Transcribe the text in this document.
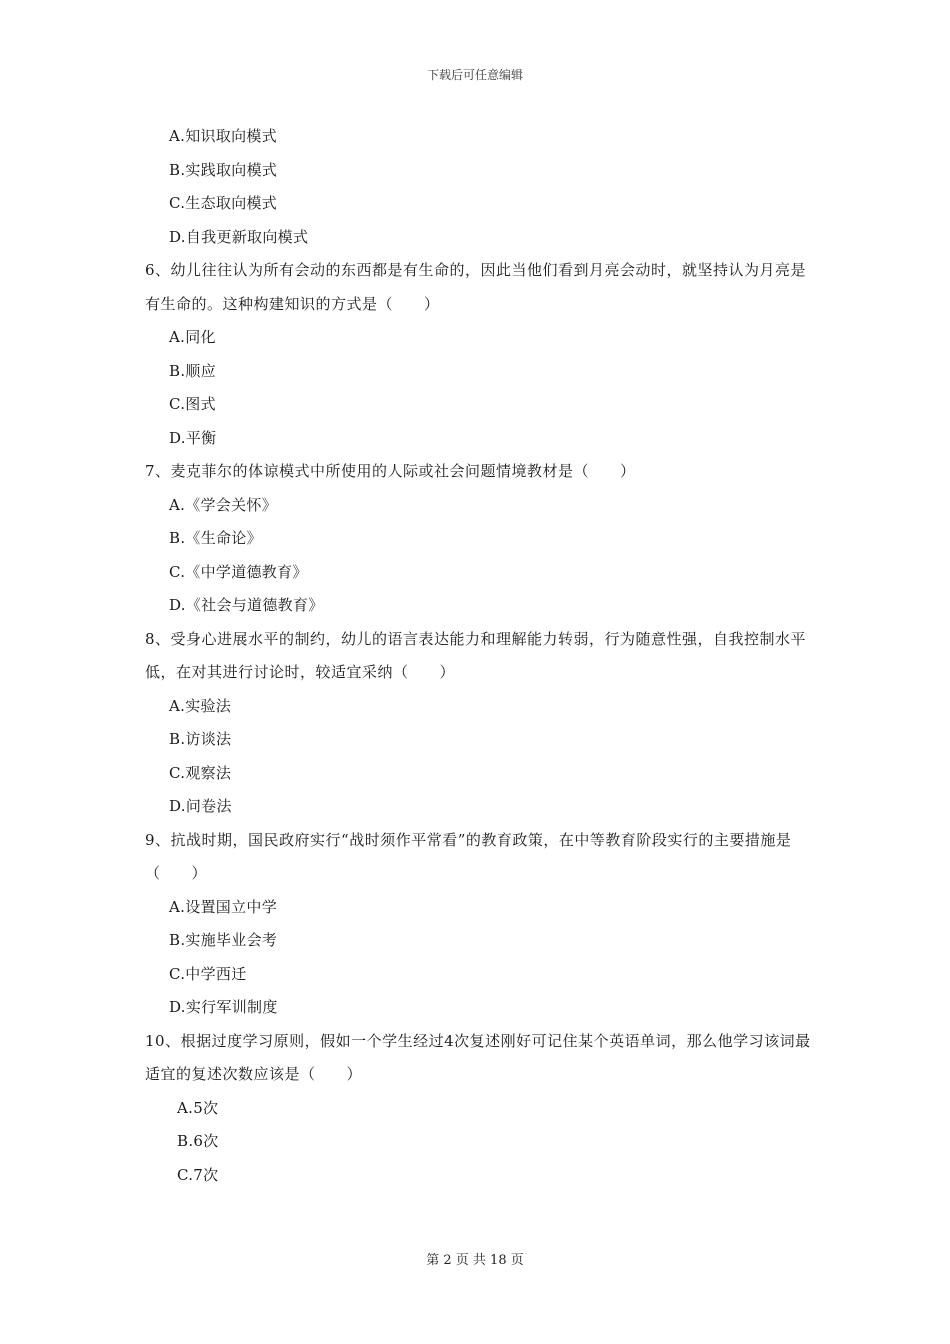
下载后可任意编辑
A.知识取向模式
B.实践取向模式
C.生态取向模式
D.自我更新取向模式
6、幼儿往往认为所有会动的东西都是有生命的，因此当他们看到月亮会动时，就坚持认为月亮是有生命的。这种构建知识的方式是（　　）
A.同化
B.顺应
C.图式
D.平衡
7、麦克菲尔的体谅模式中所使用的人际或社会问题情境教材是（　　）
A.《学会关怀》
B.《生命论》
C.《中学道德教育》
D.《社会与道德教育》
8、受身心进展水平的制约，幼儿的语言表达能力和理解能力转弱，行为随意性强，自我控制水平低，在对其进行讨论时，较适宜采纳（　　）
A.实验法
B.访谈法
C.观察法
D.问卷法
9、抗战时期，国民政府实行“战时须作平常看”的教育政策，在中等教育阶段实行的主要措施是（　　）
A.设置国立中学
B.实施毕业会考
C.中学西迁
D.实行军训制度
10、根据过度学习原则，假如一个学生经过4次复述刚好可记住某个英语单词，那么他学习该词最适宜的复述次数应该是（　　）
A.5次
B.6次
C.7次
第 2 页 共 18 页
